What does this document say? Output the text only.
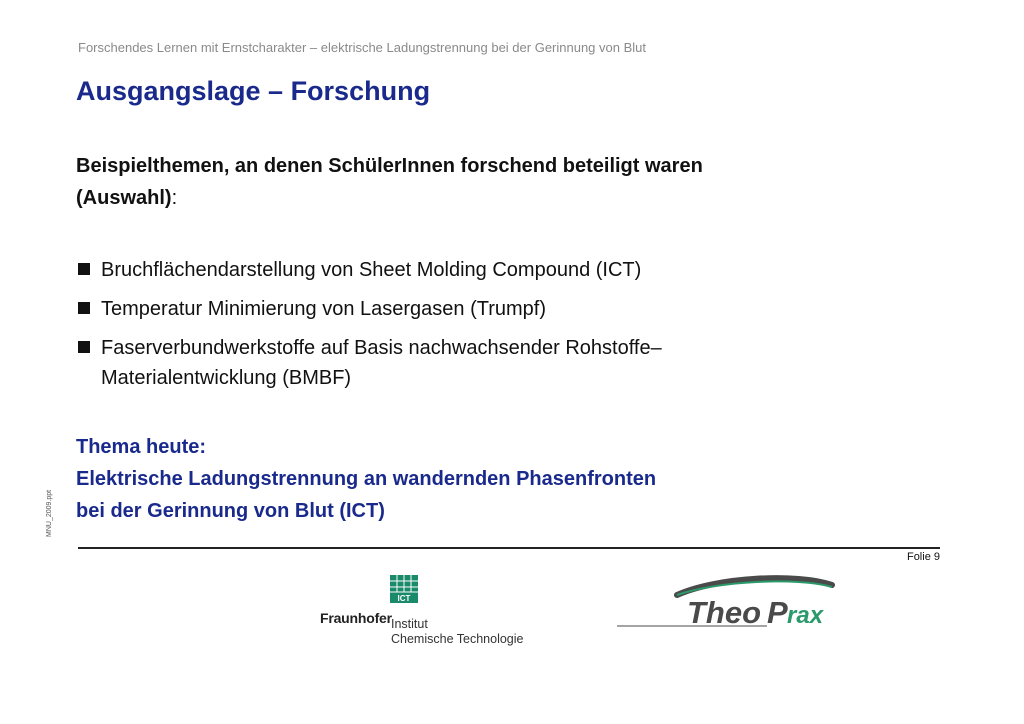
Forschendes Lernen mit Ernstcharakter – elektrische Ladungstrennung bei der Gerinnung von Blut
Ausgangslage – Forschung
Beispielthemen, an denen SchülerInnen forschend beteiligt waren
(Auswahl):
Bruchflächendarstellung von Sheet Molding Compound (ICT)
Temperatur Minimierung von Lasergasen (Trumpf)
Faserverbundwerkstoffe auf Basis nachwachsender Rohstoffe–
Materialentwicklung (BMBF)
Thema heute:
Elektrische Ladungstrennung an wandernden Phasenfronten
bei der Gerinnung von Blut (ICT)
MNU_2009.ppt
Folie 9
ICT
Fraunhofer Institut
Chemische Technologie
Theo P rax
